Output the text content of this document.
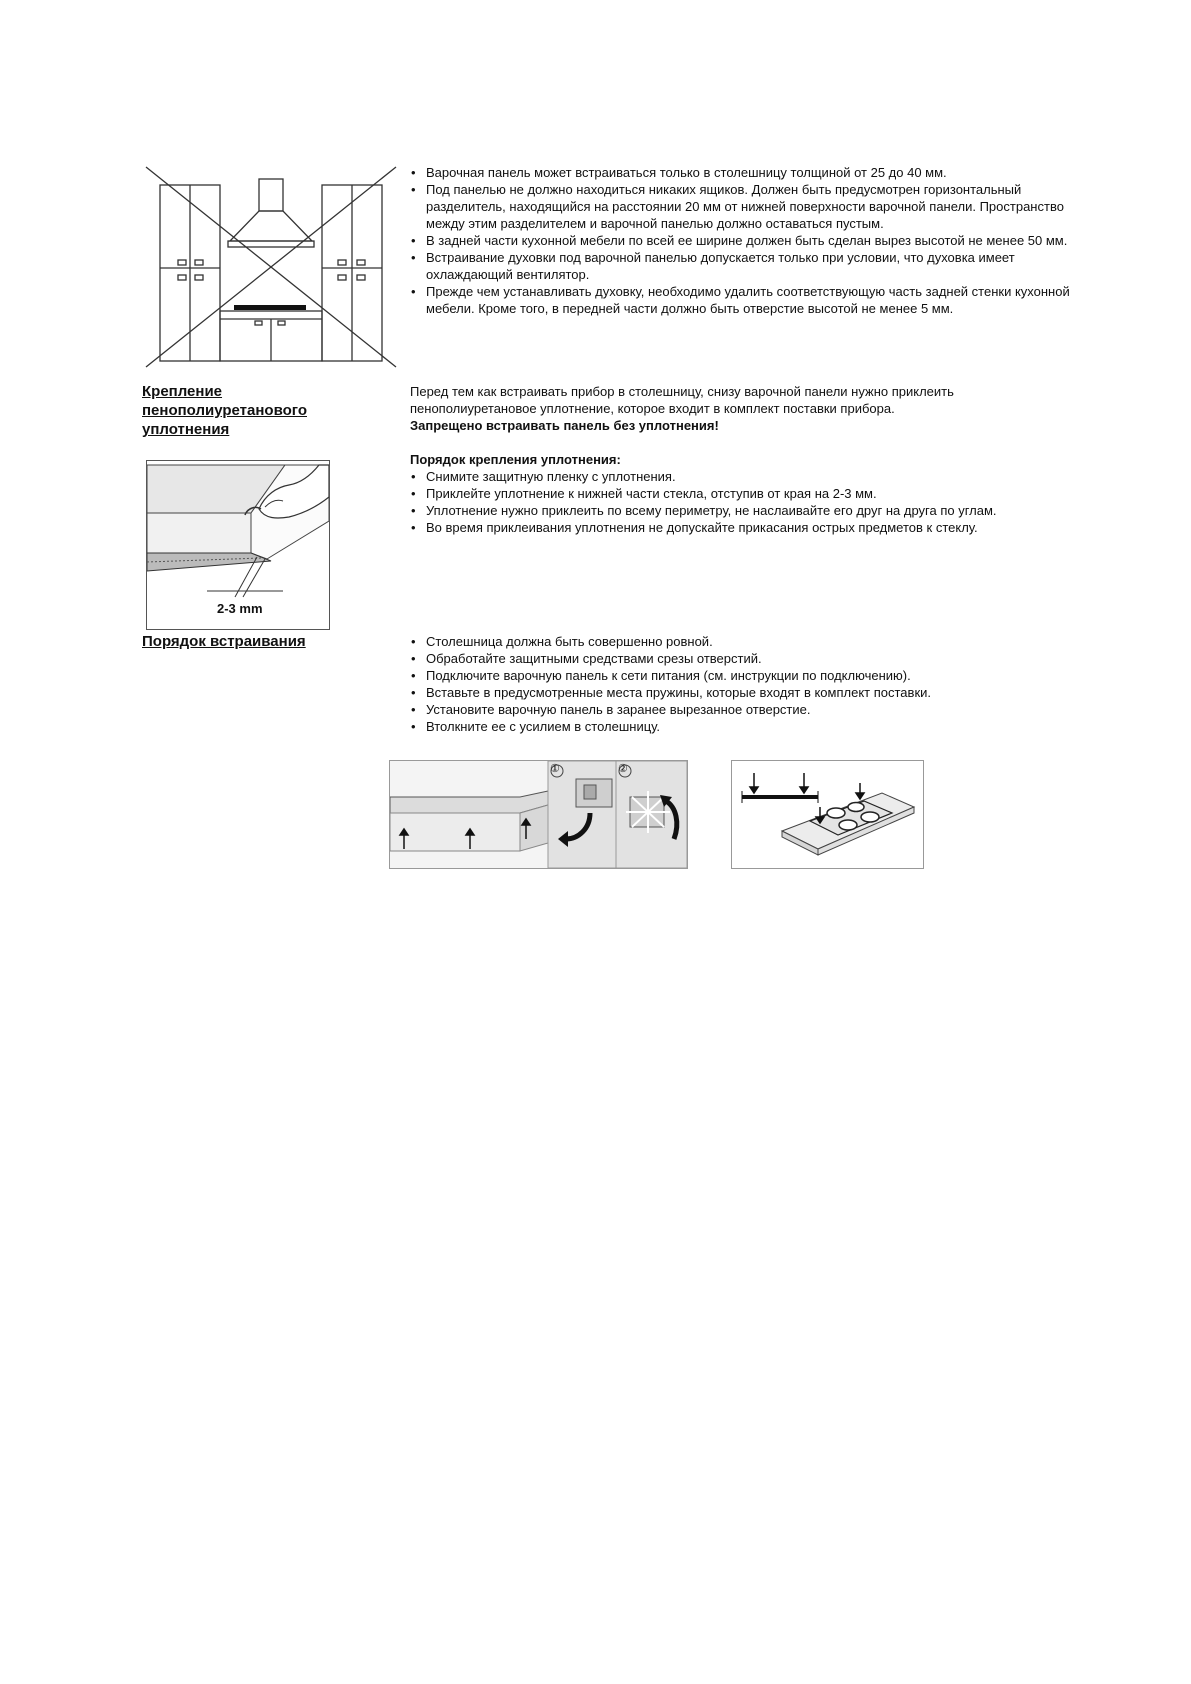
• Варочная панель может встраиваться только в столешницу толщиной от 25 до 40 мм.
• Под панелью не должно находиться никаких ящиков. Должен быть предусмотрен горизонтальный разделитель, находящийся на расстоянии 20 мм от нижней поверхности варочной панели. Пространство между этим разделителем и варочной панелью должно оставаться пустым.
• В задней части кухонной мебели по всей ее ширине должен быть сделан вырез высотой не менее 50 мм.
• Встраивание духовки под варочной панелью допускается только при условии, что духовка имеет охлаждающий вентилятор.
• Прежде чем устанавливать духовку, необходимо удалить соответствующую часть задней стенки кухонной мебели. Кроме того, в передней части должно быть отверстие высотой не менее 5 мм.

Крепление пенополиуретанового уплотнения

Перед тем как встраивать прибор в столешницу, снизу варочной панели нужно приклеить пенополиуретановое уплотнение, которое входит в комплект поставки прибора.

Запрещено встраивать панель без уплотнения!

Порядок крепления уплотнения:

• Снимите защитную пленку с уплотнения.
• Приклейте уплотнение к нижней части стекла, отступив от края на 2-3 мм.
• Уплотнение нужно приклеить по всему периметру, не наслаивайте его друг на друга по углам.
• Во время приклеивания уплотнения не допускайте прикасания острых предметов к стеклу.
2-3 mm

Порядок встраивания

•	Столешница должна быть совершенно ровной.
• Обработайте защитными средствами срезы отверстий.
• Подключите варочную панель к сети питания (см. инструкции по подключению).
• Вставьте в предусмотренные места пружины, которые входят в комплект поставки.
• Установите варочную панель в заранее вырезанное отверстие.
• Втолкните ее с усилием в столешницу.
①	②
